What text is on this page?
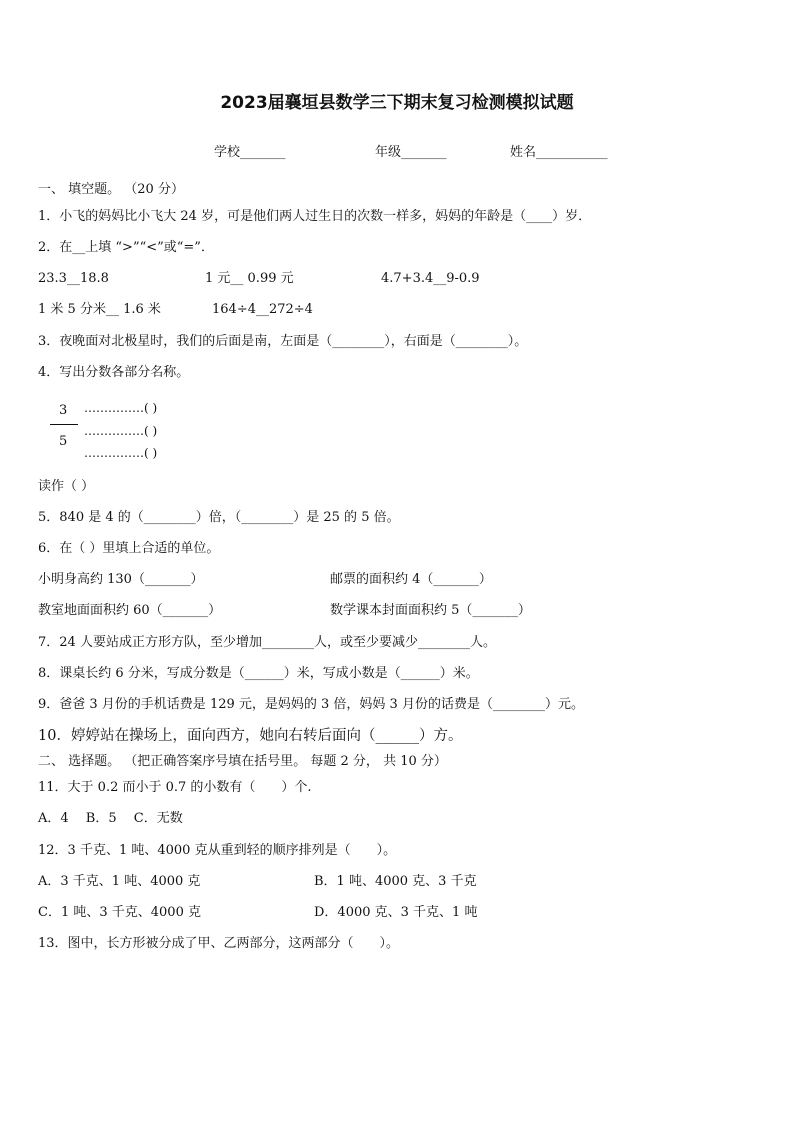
2023届襄垣县数学三下期末复习检测模拟试题
学校_______	年级_______	姓名___________
一、 填空题。 （20 分）
1．小飞的妈妈比小飞大 24 岁，可是他们两人过生日的次数一样多，妈妈的年龄是（____）岁．
2．在__上填 “>”“<”或“=”．
23.3__18.8	1 元__ 0.99 元	4.7+3.4__9-0.9
1 米 5 分米__ 1.6 米	164÷4__272÷4
3．夜晚面对北极星时，我们的后面是南，左面是（________），右面是（________）。
4．写出分数各部分名称。
3
5
……………( )
……………( )
……………( )
读作（ ）
5．840 是 4 的（________）倍，（________）是 25 的 5 倍。
6．在（ ）里填上合适的单位。
小明身高约 130（_______）	邮票的面积约 4（_______）
教室地面面积约 60（_______）	数学课本封面面积约 5（_______）
7．24 人要站成正方形方队，至少增加________人，或至少要减少________人。
8．课桌长约 6 分米，写成分数是（______）米，写成小数是（______）米。
9．爸爸 3 月份的手机话费是 129 元，是妈妈的 3 倍，妈妈 3 月份的话费是（________）元。
10．婷婷站在操场上，面向西方，她向右转后面向（______）方。
二、 选择题。 （把正确答案序号填在括号里。 每题 2 分， 共 10 分）
11．大于 0.2 而小于 0.7 的小数有（　　）个.
A．4　 B．5　 C．无数
12．3 千克、1 吨、4000 克从重到轻的顺序排列是（　　）。
A．3 千克、1 吨、4000 克	B．1 吨、4000 克、3 千克
C．1 吨、3 千克、4000 克	D．4000 克、3 千克、1 吨
13．图中，长方形被分成了甲、乙两部分，这两部分（　　）。
